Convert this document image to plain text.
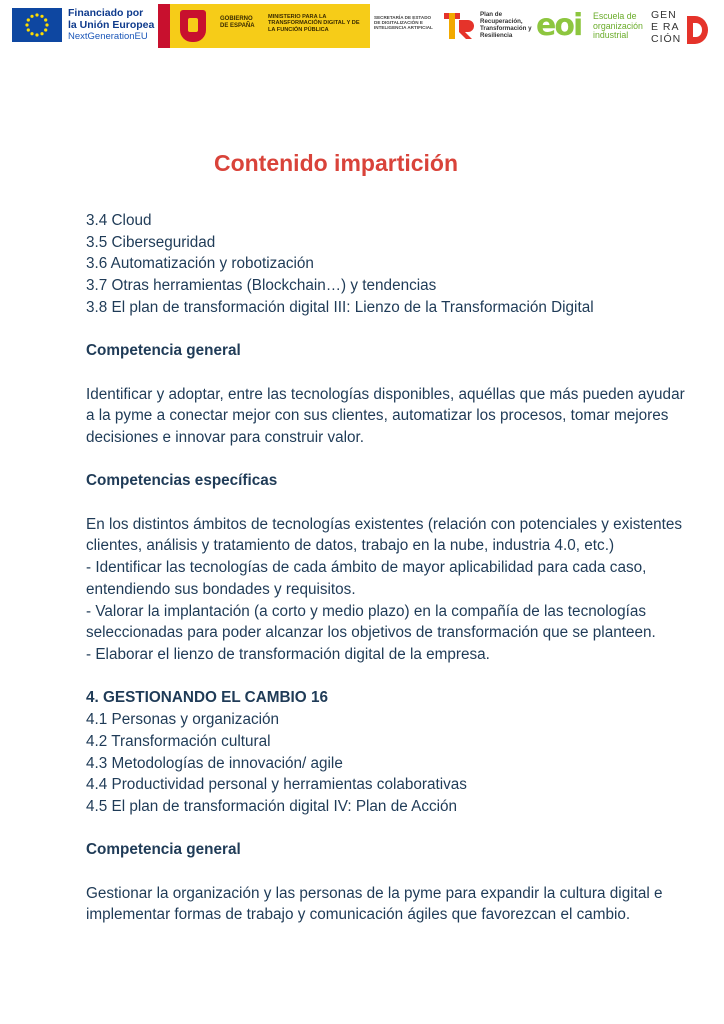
Financiado por
la Unión Europea
NextGenerationEU
GOBIERNO DE ESPAÑA
MINISTERIO PARA LA TRANSFORMACIÓN DIGITAL Y DE LA FUNCIÓN PÚBLICA
SECRETARÍA DE ESTADO DE DIGITALIZACIÓN E INTELIGENCIA ARTIFICIAL
Plan de Recuperación, Transformación y Resiliencia eoi Escuela de organización industrial
GEN
E RA
CIÓN
Contenido impartición

3.4 Cloud

3.5 Ciberseguridad

3.6 Automatización y robotización

3.7 Otras herramientas (Blockchain…) y tendencias

3.8 El plan de transformación digital III: Lienzo de la Transformación Digital

Competencia general

Identificar y adoptar, entre las tecnologías disponibles, aquéllas que más pueden ayudar a la pyme a conectar mejor con sus clientes, automatizar los procesos, tomar mejores decisiones e innovar para construir valor.

Competencias específicas

En los distintos ámbitos de tecnologías existentes (relación con potenciales y existentes clientes, análisis y tratamiento de datos, trabajo en la nube, industria 4.0, etc.)

- Identificar las tecnologías de cada ámbito de mayor aplicabilidad para cada caso, entendiendo sus bondades y requisitos.

- Valorar la implantación (a corto y medio plazo) en la compañía de las tecnologías seleccionadas para poder alcanzar los objetivos de transformación que se planteen.

- Elaborar el lienzo de transformación digital de la empresa.

4. GESTIONANDO EL CAMBIO 16

4.1 Personas y organización

4.2 Transformación cultural

4.3 Metodologías de innovación/ agile

4.4 Productividad personal y herramientas colaborativas

4.5 El plan de transformación digital IV: Plan de Acción

Competencia general

Gestionar la organización y las personas de la pyme para expandir la cultura digital e implementar formas de trabajo y comunicación ágiles que favorezcan el cambio.
